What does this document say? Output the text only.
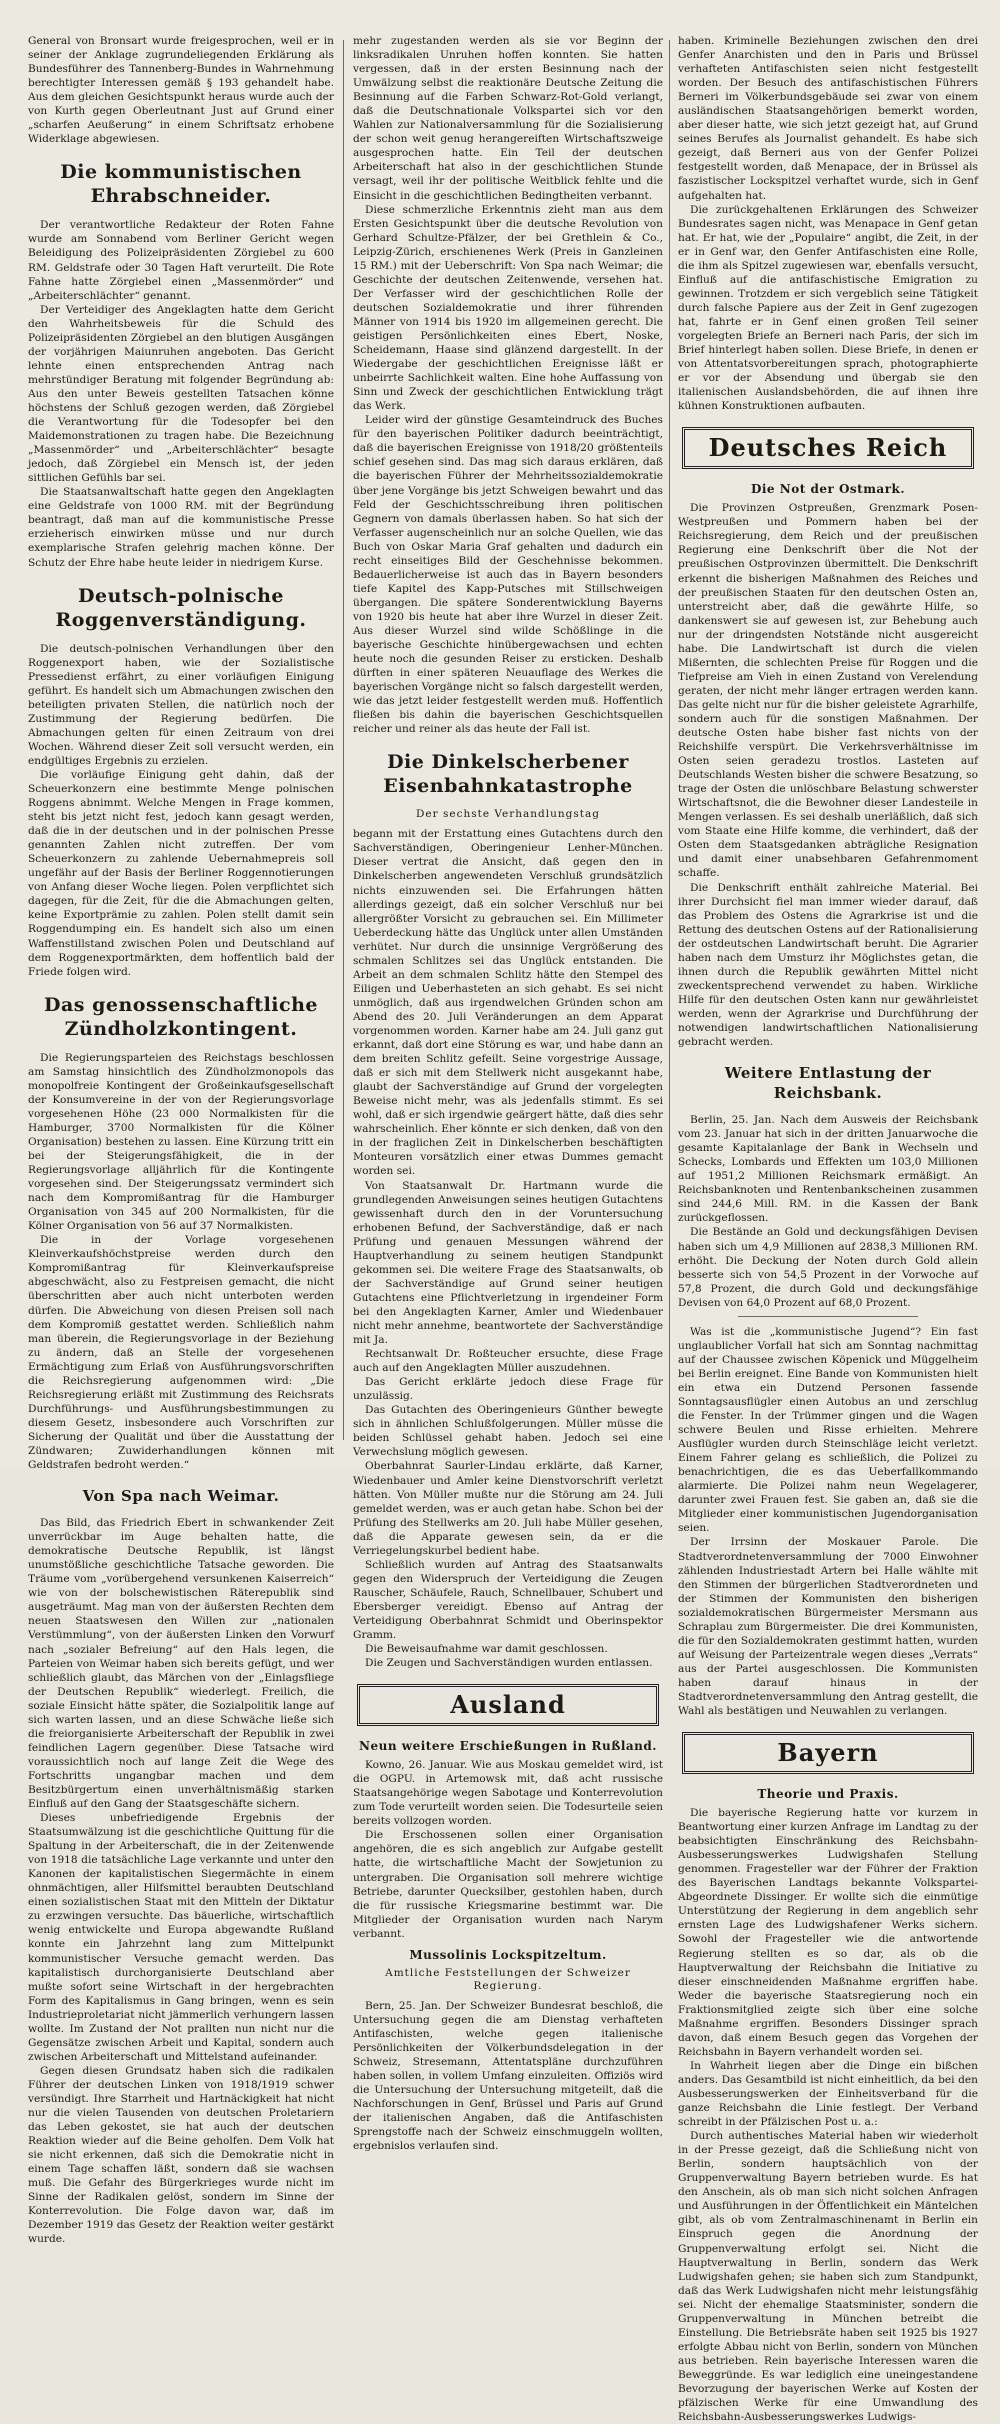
General von Bronsart wurde freigesprochen, weil er in seiner der Anklage zugrundeliegenden Erklärung als Bundesführer des Tannenberg-Bundes in Wahrnehmung berechtigter Interessen gemäß § 193 gehandelt habe. Aus dem gleichen Gesichtspunkt heraus wurde auch der von Kurth gegen Oberleutnant Just auf Grund einer „scharfen Aeußerung“ in einem Schriftsatz erhobene Widerklage abgewiesen.

Die kommunistischen Ehrabschneider.

Der verantwortliche Redakteur der Roten Fahne wurde am Sonnabend vom Berliner Gericht wegen Beleidigung des Polizeipräsidenten Zörgiebel zu 600 RM. Geldstrafe oder 30 Tagen Haft verurteilt. Die Rote Fahne hatte Zörgiebel einen „Massenmörder“ und „Arbeiterschlächter“ genannt.

Der Verteidiger des Angeklagten hatte dem Gericht den Wahrheitsbeweis für die Schuld des Polizeipräsidenten Zörgiebel an den blutigen Ausgängen der vorjährigen Maiunruhen angeboten. Das Gericht lehnte einen entsprechenden Antrag nach mehrstündiger Beratung mit folgender Begründung ab: Aus den unter Beweis gestellten Tatsachen könne höchstens der Schluß gezogen werden, daß Zörgiebel die Verantwortung für die Todesopfer bei den Maidemonstrationen zu tragen habe. Die Bezeichnung „Massenmörder“ und „Arbeiterschlächter“ besagte jedoch, daß Zörgiebel ein Mensch ist, der jeden sittlichen Gefühls bar sei.

Die Staatsanwaltschaft hatte gegen den Angeklagten eine Geldstrafe von 1000 RM. mit der Begründung beantragt, daß man auf die kommunistische Presse erzieherisch einwirken müsse und nur durch exemplarische Strafen gelehrig machen könne. Der Schutz der Ehre habe heute leider in niedrigem Kurse.

Deutsch-polnische Roggenverständigung.

Die deutsch-polnischen Verhandlungen über den Roggenexport haben, wie der Sozialistische Pressedienst erfährt, zu einer vorläufigen Einigung geführt. Es handelt sich um Abmachungen zwischen den beteiligten privaten Stellen, die natürlich noch der Zustimmung der Regierung bedürfen. Die Abmachungen gelten für einen Zeitraum von drei Wochen. Während dieser Zeit soll versucht werden, ein endgültiges Ergebnis zu erzielen.

Die vorläufige Einigung geht dahin, daß der Scheuerkonzern eine bestimmte Menge polnischen Roggens abnimmt. Welche Mengen in Frage kommen, steht bis jetzt nicht fest, jedoch kann gesagt werden, daß die in der deutschen und in der polnischen Presse genannten Zahlen nicht zutreffen. Der vom Scheuerkonzern zu zahlende Uebernahmepreis soll ungefähr auf der Basis der Berliner Roggennotierungen von Anfang dieser Woche liegen. Polen verpflichtet sich dagegen, für die Zeit, für die die Abmachungen gelten, keine Exportprämie zu zahlen. Polen stellt damit sein Roggendumping ein. Es handelt sich also um einen Waffenstillstand zwischen Polen und Deutschland auf dem Roggenexportmärkten, dem hoffentlich bald der Friede folgen wird.

Das genossenschaftliche Zündholzkontingent.

Die Regierungsparteien des Reichstags beschlossen am Samstag hinsichtlich des Zündholzmonopols das monopolfreie Kontingent der Großeinkaufsgesellschaft der Konsumvereine in der von der Regierungsvorlage vorgesehenen Höhe (23 000 Normalkisten für die Hamburger, 3700 Normalkisten für die Kölner Organisation) bestehen zu lassen. Eine Kürzung tritt ein bei der Steigerungsfähigkeit, die in der Regierungsvorlage alljährlich für die Kontingente vorgesehen sind. Der Steigerungssatz vermindert sich nach dem Kompromißantrag für die Hamburger Organisation von 345 auf 200 Normalkisten, für die Kölner Organisation von 56 auf 37 Normalkisten.

Die in der Vorlage vorgesehenen Kleinverkaufshöchstpreise werden durch den Kompromißantrag für Kleinverkaufspreise abgeschwächt, also zu Festpreisen gemacht, die nicht überschritten aber auch nicht unterboten werden dürfen. Die Abweichung von diesen Preisen soll nach dem Kompromiß gestattet werden. Schließlich nahm man überein, die Regierungsvorlage in der Beziehung zu ändern, daß an Stelle der vorgesehenen Ermächtigung zum Erlaß von Ausführungsvorschriften die Reichsregierung aufgenommen wird: „Die Reichsregierung erläßt mit Zustimmung des Reichsrats Durchführungs- und Ausführungsbestimmungen zu diesem Gesetz, insbesondere auch Vorschriften zur Sicherung der Qualität und über die Ausstattung der Zündwaren; Zuwiderhandlungen können mit Geldstrafen bedroht werden.“

Von Spa nach Weimar.

Das Bild, das Friedrich Ebert in schwankender Zeit unverrückbar im Auge behalten hatte, die demokratische Deutsche Republik, ist längst unumstößliche geschichtliche Tatsache geworden. Die Träume vom „vorübergehend versunkenen Kaiserreich“ wie von der bolschewistischen Räterepublik sind ausgeträumt. Mag man von der äußersten Rechten dem neuen Staatswesen den Willen zur „nationalen Verstümmlung“, von der äußersten Linken den Vorwurf nach „sozialer Befreiung“ auf den Hals legen, die Parteien von Weimar haben sich bereits gefügt, und wer schließlich glaubt, das Märchen von der „Einlagsfliege der Deutschen Republik“ wiederlegt. Freilich, die soziale Einsicht hätte später, die Sozialpolitik lange auf sich warten lassen, und an diese Schwäche ließe sich die freiorganisierte Arbeiterschaft der Republik in zwei feindlichen Lagern gegenüber. Diese Tatsache wird voraussichtlich noch auf lange Zeit die Wege des Fortschritts ungangbar machen und dem Besitzbürgertum einen unverhältnismäßig starken Einfluß auf den Gang der Staatsgeschäfte sichern.

Dieses unbefriedigende Ergebnis der Staatsumwälzung ist die geschichtliche Quittung für die Spaltung in der Arbeiterschaft, die in der Zeitenwende von 1918 die tatsächliche Lage verkannte und unter den Kanonen der kapitalistischen Siegermächte in einem ohnmächtigen, aller Hilfsmittel beraubten Deutschland einen sozialistischen Staat mit den Mitteln der Diktatur zu erzwingen versuchte. Das bäuerliche, wirtschaftlich wenig entwickelte und Europa abgewandte Rußland konnte ein Jahrzehnt lang zum Mittelpunkt kommunistischer Versuche gemacht werden. Das kapitalistisch durchorganisierte Deutschland aber mußte sofort seine Wirtschaft in der hergebrachten Form des Kapitalismus in Gang bringen, wenn es sein Industrieproletariat nicht jämmerlich verhungern lassen wollte. Im Zustand der Not prallten nun nicht nur die Gegensätze zwischen Arbeit und Kapital, sondern auch zwischen Arbeiterschaft und Mittelstand aufeinander.

Gegen diesen Grundsatz haben sich die radikalen Führer der deutschen Linken von 1918/1919 schwer versündigt. Ihre Starrheit und Hartnäckigkeit hat nicht nur die vielen Tausenden von deutschen Proletariern das Leben gekostet, sie hat auch der deutschen Reaktion wieder auf die Beine geholfen. Dem Volk hat sie nicht erkennen, daß sich die Demokratie nicht in einem Tage schaffen läßt, sondern daß sie wachsen muß. Die Gefahr des Bürgerkrieges wurde nicht im Sinne der Radikalen gelöst, sondern im Sinne der Konterrevolution. Die Folge davon war, daß im Dezember 1919 das Gesetz der Reaktion weiter gestärkt wurde.

mehr zugestanden werden als sie vor Beginn der linksradikalen Unruhen hoffen konnten. Sie hatten vergessen, daß in der ersten Besinnung nach der Umwälzung selbst die reaktionäre Deutsche Zeitung die Besinnung auf die Farben Schwarz-Rot-Gold verlangt, daß die Deutschnationale Volkspartei sich vor den Wahlen zur Nationalversammlung für die Sozialisierung der schon weit genug herangereiften Wirtschaftszweige ausgesprochen hatte. Ein Teil der deutschen Arbeiterschaft hat also in der geschichtlichen Stunde versagt, weil ihr der politische Weitblick fehlte und die Einsicht in die geschichtlichen Bedingtheiten verbannt.

Diese schmerzliche Erkenntnis zieht man aus dem Ersten Gesichtspunkt über die deutsche Revolution von Gerhard Schultze-Pfälzer, der bei Grethlein & Co., Leipzig-Zürich, erschienenes Werk (Preis in Ganzleinen 15 RM.) mit der Ueberschrift: Von Spa nach Weimar; die Geschichte der deutschen Zeitenwende, versehen hat. Der Verfasser wird der geschichtlichen Rolle der deutschen Sozialdemokratie und ihrer führenden Männer von 1914 bis 1920 im allgemeinen gerecht. Die geistigen Persönlichkeiten eines Ebert, Noske, Scheidemann, Haase sind glänzend dargestellt. In der Wiedergabe der geschichtlichen Ereignisse läßt er unbeirrte Sachlichkeit walten. Eine hohe Auffassung von Sinn und Zweck der geschichtlichen Entwicklung trägt das Werk.

Leider wird der günstige Gesamteindruck des Buches für den bayerischen Politiker dadurch beeinträchtigt, daß die bayerischen Ereignisse von 1918/20 größtenteils schief gesehen sind. Das mag sich daraus erklären, daß die bayerischen Führer der Mehrheitssozialdemokratie über jene Vorgänge bis jetzt Schweigen bewahrt und das Feld der Geschichtsschreibung ihren politischen Gegnern von damals überlassen haben. So hat sich der Verfasser augenscheinlich nur an solche Quellen, wie das Buch von Oskar Maria Graf gehalten und dadurch ein recht einseitiges Bild der Geschehnisse bekommen. Bedauerlicherweise ist auch das in Bayern besonders tiefe Kapitel des Kapp-Putsches mit Stillschweigen übergangen. Die spätere Sonderentwicklung Bayerns von 1920 bis heute hat aber ihre Wurzel in dieser Zeit. Aus dieser Wurzel sind wilde Schößlinge in die bayerische Geschichte hinübergewachsen und echten heute noch die gesunden Reiser zu ersticken. Deshalb dürften in einer späteren Neuauflage des Werkes die bayerischen Vorgänge nicht so falsch dargestellt werden, wie das jetzt leider festgestellt werden muß. Hoffentlich fließen bis dahin die bayerischen Geschichtsquellen reicher und reiner als das heute der Fall ist.

Die Dinkelscherbener Eisenbahnkatastrophe
Der sechste Verhandlungstag

begann mit der Erstattung eines Gutachtens durch den Sachverständigen, Oberingenieur Lenher-München. Dieser vertrat die Ansicht, daß gegen den in Dinkelscherben angewendeten Verschluß grundsätzlich nichts einzuwenden sei. Die Erfahrungen hätten allerdings gezeigt, daß ein solcher Verschluß nur bei allergrößter Vorsicht zu gebrauchen sei. Ein Millimeter Ueberdeckung hätte das Unglück unter allen Umständen verhütet. Nur durch die unsinnige Vergrößerung des schmalen Schlitzes sei das Unglück entstanden. Die Arbeit an dem schmalen Schlitz hätte den Stempel des Eiligen und Ueberhasteten an sich gehabt. Es sei nicht unmöglich, daß aus irgendwelchen Gründen schon am Abend des 20. Juli Veränderungen an dem Apparat vorgenommen worden. Karner habe am 24. Juli ganz gut erkannt, daß dort eine Störung es war, und habe dann an dem breiten Schlitz gefeilt. Seine vorgestrige Aussage, daß er sich mit dem Stellwerk nicht ausgekannt habe, glaubt der Sachverständige auf Grund der vorgelegten Beweise nicht mehr, was als jedenfalls stimmt. Es sei wohl, daß er sich irgendwie geärgert hätte, daß dies sehr wahrscheinlich. Eher könnte er sich denken, daß von den in der fraglichen Zeit in Dinkelscherben beschäftigten Monteuren vorsätzlich einer etwas Dummes gemacht worden sei.

Von Staatsanwalt Dr. Hartmann wurde die grundlegenden Anweisungen seines heutigen Gutachtens gewissenhaft durch den in der Voruntersuchung erhobenen Befund, der Sachverständige, daß er nach Prüfung und genauen Messungen während der Hauptverhandlung zu seinem heutigen Standpunkt gekommen sei. Die weitere Frage des Staatsanwalts, ob der Sachverständige auf Grund seiner heutigen Gutachtens eine Pflichtverletzung in irgendeiner Form bei den Angeklagten Karner, Amler und Wiedenbauer nicht mehr annehme, beantwortete der Sachverständige mit Ja.

Rechtsanwalt Dr. Roßteucher ersuchte, diese Frage auch auf den Angeklagten Müller auszudehnen.

Das Gericht erklärte jedoch diese Frage für unzulässig.

Das Gutachten des Oberingenieurs Günther bewegte sich in ähnlichen Schlußfolgerungen. Müller müsse die beiden Schlüssel gehabt haben. Jedoch sei eine Verwechslung möglich gewesen.

Oberbahnrat Saurler-Lindau erklärte, daß Karner, Wiedenbauer und Amler keine Dienstvorschrift verletzt hätten. Von Müller mußte nur die Störung am 24. Juli gemeldet werden, was er auch getan habe. Schon bei der Prüfung des Stellwerks am 20. Juli habe Müller gesehen, daß die Apparate gewesen sein, da er die Verriegelungskurbel bedient habe.

Schließlich wurden auf Antrag des Staatsanwalts gegen den Widerspruch der Verteidigung die Zeugen Rauscher, Schäufele, Rauch, Schnellbauer, Schubert und Ebersberger vereidigt. Ebenso auf Antrag der Verteidigung Oberbahnrat Schmidt und Oberinspektor Gramm.

Die Beweisaufnahme war damit geschlossen.

Die Zeugen und Sachverständigen wurden entlassen.

Ausland
Neun weitere Erschießungen in Rußland.

Kowno, 26. Januar. Wie aus Moskau gemeldet wird, ist die OGPU. in Artemowsk mit, daß acht russische Staatsangehörige wegen Sabotage und Konterrevolution zum Tode verurteilt worden seien. Die Todesurteile seien bereits vollzogen worden.

Die Erschossenen sollen einer Organisation angehören, die es sich angeblich zur Aufgabe gestellt hatte, die wirtschaftliche Macht der Sowjetunion zu untergraben. Die Organisation soll mehrere wichtige Betriebe, darunter Quecksilber, gestohlen haben, durch die für russische Kriegsmarine bestimmt war. Die Mitglieder der Organisation wurden nach Narym verbannt.

Mussolinis Lockspitzeltum.
Amtliche Feststellungen der Schweizer Regierung.

Bern, 25. Jan. Der Schweizer Bundesrat beschloß, die Untersuchung gegen die am Dienstag verhafteten Antifaschisten, welche gegen italienische Persönlichkeiten der Völkerbundsdelegation in der Schweiz, Stresemann, Attentatspläne durchzuführen haben sollen, in vollem Umfang einzuleiten. Offiziös wird die Untersuchung der Untersuchung mitgeteilt, daß die Nachforschungen in Genf, Brüssel und Paris auf Grund der italienischen Angaben, daß die Antifaschisten Sprengstoffe nach der Schweiz einschmuggeln wollten, ergebnislos verlaufen sind.

haben. Kriminelle Beziehungen zwischen den drei Genfer Anarchisten und den in Paris und Brüssel verhafteten Antifaschisten seien nicht festgestellt worden. Der Besuch des antifaschistischen Führers Berneri im Völkerbundsgebäude sei zwar von einem ausländischen Staatsangehörigen bemerkt worden, aber dieser hatte, wie sich jetzt gezeigt hat, auf Grund seines Berufes als Journalist gehandelt. Es habe sich gezeigt, daß Berneri aus von der Genfer Polizei festgestellt worden, daß Menapace, der in Brüssel als faszistischer Lockspitzel verhaftet wurde, sich in Genf aufgehalten hat.

Die zurückgehaltenen Erklärungen des Schweizer Bundesrates sagen nicht, was Menapace in Genf getan hat. Er hat, wie der „Populaire“ angibt, die Zeit, in der er in Genf war, den Genfer Antifaschisten eine Rolle, die ihm als Spitzel zugewiesen war, ebenfalls versucht, Einfluß auf die antifaschistische Emigration zu gewinnen. Trotzdem er sich vergeblich seine Tätigkeit durch falsche Papiere aus der Zeit in Genf zugezogen hat, fahrte er in Genf einen großen Teil seiner vorgelegten Briefe an Berneri nach Paris, der sich im Brief hinterlegt haben sollen. Diese Briefe, in denen er von Attentatsvorbereitungen sprach, photographierte er vor der Absendung und übergab sie den italienischen Auslandsbehörden, die auf ihnen ihre kühnen Konstruktionen aufbauten.

Deutsches Reich
Die Not der Ostmark.

Die Provinzen Ostpreußen, Grenzmark Posen-Westpreußen und Pommern haben bei der Reichsregierung, dem Reich und der preußischen Regierung eine Denkschrift über die Not der preußischen Ostprovinzen übermittelt. Die Denkschrift erkennt die bisherigen Maßnahmen des Reiches und der preußischen Staaten für den deutschen Osten an, unterstreicht aber, daß die gewährte Hilfe, so dankenswert sie auf gewesen ist, zur Behebung auch nur der dringendsten Notstände nicht ausgereicht habe. Die Landwirtschaft ist durch die vielen Mißernten, die schlechten Preise für Roggen und die Tiefpreise am Vieh in einen Zustand von Verelendung geraten, der nicht mehr länger ertragen werden kann. Das gelte nicht nur für die bisher geleistete Agrarhilfe, sondern auch für die sonstigen Maßnahmen. Der deutsche Osten habe bisher fast nichts von der Reichshilfe verspürt. Die Verkehrsverhältnisse im Osten seien geradezu trostlos. Lasteten auf Deutschlands Westen bisher die schwere Besatzung, so trage der Osten die unlöschbare Belastung schwerster Wirtschaftsnot, die die Bewohner dieser Landesteile in Mengen verlassen. Es sei deshalb unerläßlich, daß sich vom Staate eine Hilfe komme, die verhindert, daß der Osten dem Staatsgedanken abträgliche Resignation und damit einer unabsehbaren Gefahrenmoment schaffe.

Die Denkschrift enthält zahlreiche Material. Bei ihrer Durchsicht fiel man immer wieder darauf, daß das Problem des Ostens die Agrarkrise ist und die Rettung des deutschen Ostens auf der Rationalisierung der ostdeutschen Landwirtschaft beruht. Die Agrarier haben nach dem Umsturz ihr Möglichstes getan, die ihnen durch die Republik gewährten Mittel nicht zweckentsprechend verwendet zu haben. Wirkliche Hilfe für den deutschen Osten kann nur gewährleistet werden, wenn der Agrarkrise und Durchführung der notwendigen landwirtschaftlichen Nationalisierung gebracht werden.

Weitere Entlastung der Reichsbank.

Berlin, 25. Jan. Nach dem Ausweis der Reichsbank vom 23. Januar hat sich in der dritten Januarwoche die gesamte Kapitalanlage der Bank in Wechseln und Schecks, Lombards und Effekten um 103,0 Millionen auf 1951,2 Millionen Reichsmark ermäßigt. An Reichsbanknoten und Rentenbankscheinen zusammen sind 244,6 Mill. RM. in die Kassen der Bank zurückgeflossen.

Die Bestände an Gold und deckungsfähigen Devisen haben sich um 4,9 Millionen auf 2838,3 Millionen RM. erhöht. Die Deckung der Noten durch Gold allein besserte sich von 54,5 Prozent in der Vorwoche auf 57,8 Prozent, die durch Gold und deckungsfähige Devisen von 64,0 Prozent auf 68,0 Prozent.

Was ist die „kommunistische Jugend“? Ein fast unglaublicher Vorfall hat sich am Sonntag nachmittag auf der Chaussee zwischen Köpenick und Müggelheim bei Berlin ereignet. Eine Bande von Kommunisten hielt ein etwa ein Dutzend Personen fassende Sonntagsausflügler einen Autobus an und zerschlug die Fenster. In der Trümmer gingen und die Wagen schwere Beulen und Risse erhielten. Mehrere Ausflügler wurden durch Steinschläge leicht verletzt. Einem Fahrer gelang es schließlich, die Polizei zu benachrichtigen, die es das Ueberfallkommando alarmierte. Die Polizei nahm neun Wegelagerer, darunter zwei Frauen fest. Sie gaben an, daß sie die Mitglieder einer kommunistischen Jugendorganisation seien.

Der Irrsinn der Moskauer Parole. Die Stadtverordnetenversammlung der 7000 Einwohner zählenden Industriestadt Artern bei Halle wählte mit den Stimmen der bürgerlichen Stadtverordneten und der Stimmen der Kommunisten den bisherigen sozialdemokratischen Bürgermeister Mersmann aus Schraplau zum Bürgermeister. Die drei Kommunisten, die für den Sozialdemokraten gestimmt hatten, wurden auf Weisung der Parteizentrale wegen dieses „Verrats“ aus der Partei ausgeschlossen. Die Kommunisten haben darauf hinaus in der Stadtverordnetenversammlung den Antrag gestellt, die Wahl als bestätigen und Neuwahlen zu verlangen.

Bayern
Theorie und Praxis.

Die bayerische Regierung hatte vor kurzem in Beantwortung einer kurzen Anfrage im Landtag zu der beabsichtigten Einschränkung des Reichsbahn-Ausbesserungswerkes Ludwigshafen Stellung genommen. Fragesteller war der Führer der Fraktion des Bayerischen Landtags bekannte Volkspartei-Abgeordnete Dissinger. Er wollte sich die einmütige Unterstützung der Regierung in dem angeblich sehr ernsten Lage des Ludwigshafener Werks sichern. Sowohl der Fragesteller wie die antwortende Regierung stellten es so dar, als ob die Hauptverwaltung der Reichsbahn die Initiative zu dieser einschneidenden Maßnahme ergriffen habe. Weder die bayerische Staatsregierung noch ein Fraktionsmitglied zeigte sich über eine solche Maßnahme ergriffen. Besonders Dissinger sprach davon, daß einem Besuch gegen das Vorgehen der Reichsbahn in Bayern verhandelt worden sei.

In Wahrheit liegen aber die Dinge ein bißchen anders. Das Gesamtbild ist nicht einheitlich, da bei den Ausbesserungswerken der Einheitsverband für die ganze Reichsbahn die Linie festlegt. Der Verband schreibt in der Pfälzischen Post u. a.:

Durch authentisches Material haben wir wiederholt in der Presse gezeigt, daß die Schließung nicht von Berlin, sondern hauptsächlich von der Gruppenverwaltung Bayern betrieben wurde. Es hat den Anschein, als ob man sich nicht solchen Anfragen und Ausführungen in der Öffentlichkeit ein Mäntelchen gibt, als ob vom Zentralmaschinenamt in Berlin ein Einspruch gegen die Anordnung der Gruppenverwaltung erfolgt sei. Nicht die Hauptverwaltung in Berlin, sondern das Werk Ludwigshafen gehen; sie haben sich zum Standpunkt, daß das Werk Ludwigshafen nicht mehr leistungsfähig sei. Nicht der ehemalige Staatsminister, sondern die Gruppenverwaltung in München betreibt die Einstellung. Die Betriebsräte haben seit 1925 bis 1927 erfolgte Abbau nicht von Berlin, sondern von München aus betrieben. Rein bayerische Interessen waren die Beweggründe. Es war lediglich eine uneingestandene Bevorzugung der bayerischen Werke auf Kosten der pfälzischen Werke für eine Umwandlung des Reichsbahn-Ausbesserungswerkes Ludwigs-
